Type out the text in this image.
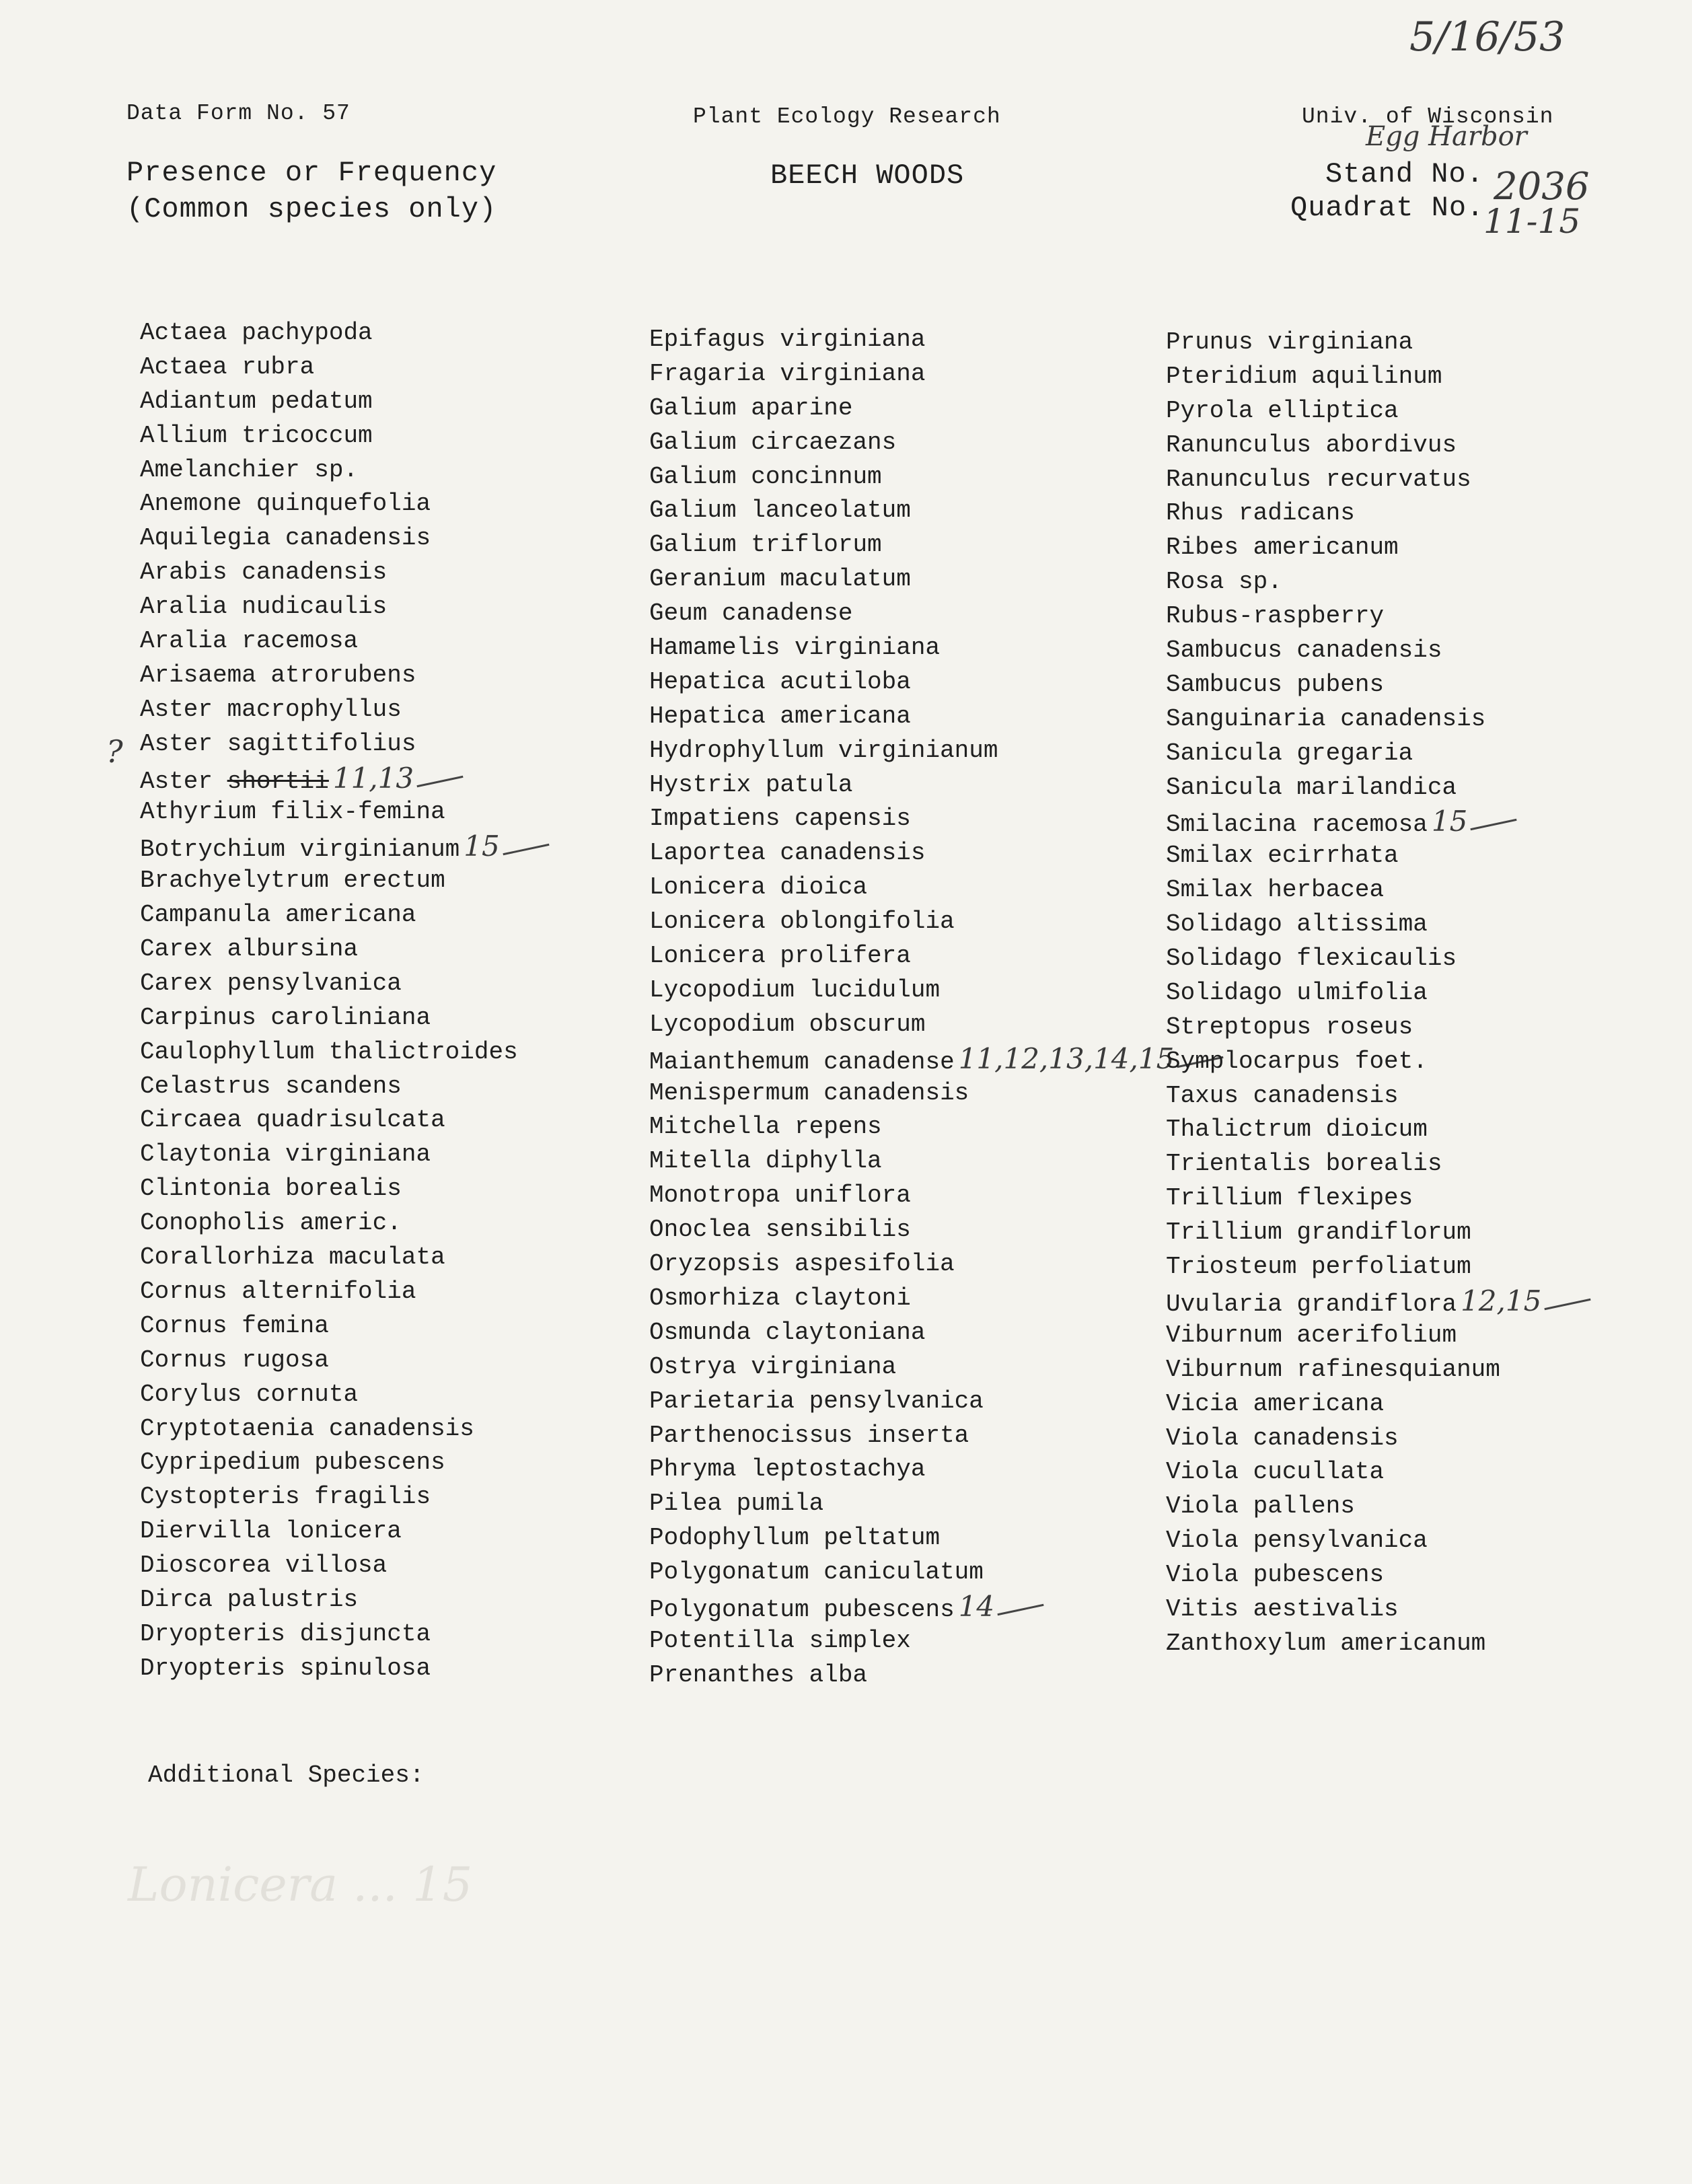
Data Form No. 57	Plant Ecology Research	Univ. of Wisconsin
Presence or Frequency
(Common species only)
BEECH WOODS	Stand No.
Quadrat No.
5/16/53
Egg Harbor
2036
11-15
?
Actaea pachypoda
Actaea rubra
Adiantum pedatum
Allium tricoccum
Amelanchier sp.
Anemone quinquefolia
Aquilegia canadensis
Arabis canadensis
Aralia nudicaulis
Aralia racemosa
Arisaema atrorubens
Aster macrophyllus
Aster sagittifolius
Aster shortii 11,13
Athyrium filix-femina
Botrychium virginianum 15
Brachyelytrum erectum
Campanula americana
Carex albursina
Carex pensylvanica
Carpinus caroliniana
Caulophyllum thalictroides
Celastrus scandens
Circaea quadrisulcata
Claytonia virginiana
Clintonia borealis
Conopholis americ.
Corallorhiza maculata
Cornus alternifolia
Cornus femina
Cornus rugosa
Corylus cornuta
Cryptotaenia canadensis
Cypripedium pubescens
Cystopteris fragilis
Diervilla lonicera
Dioscorea villosa
Dirca palustris
Dryopteris disjuncta
Dryopteris spinulosa
Epifagus virginiana
Fragaria virginiana
Galium aparine
Galium circaezans
Galium concinnum
Galium lanceolatum
Galium triflorum
Geranium maculatum
Geum canadense
Hamamelis virginiana
Hepatica acutiloba
Hepatica americana
Hydrophyllum virginianum
Hystrix patula
Impatiens capensis
Laportea canadensis
Lonicera dioica
Lonicera oblongifolia
Lonicera prolifera
Lycopodium lucidulum
Lycopodium obscurum
Maianthemum canadense 11,12,13,14,15
Menispermum canadensis
Mitchella repens
Mitella diphylla
Monotropa uniflora
Onoclea sensibilis
Oryzopsis aspesifolia
Osmorhiza claytoni
Osmunda claytoniana
Ostrya virginiana
Parietaria pensylvanica
Parthenocissus inserta
Phryma leptostachya
Pilea pumila
Podophyllum peltatum
Polygonatum caniculatum
Polygonatum pubescens 14
Potentilla simplex
Prenanthes alba
Prunus virginiana
Pteridium aquilinum
Pyrola elliptica
Ranunculus abordivus
Ranunculus recurvatus
Rhus radicans
Ribes americanum
Rosa sp.
Rubus-raspberry
Sambucus canadensis
Sambucus pubens
Sanguinaria canadensis
Sanicula gregaria
Sanicula marilandica
Smilacina racemosa 15
Smilax ecirrhata
Smilax herbacea
Solidago altissima
Solidago flexicaulis
Solidago ulmifolia
Streptopus roseus
Symplocarpus foet.
Taxus canadensis
Thalictrum dioicum
Trientalis borealis
Trillium flexipes
Trillium grandiflorum
Triosteum perfoliatum
Uvularia grandiflora 12,15
Viburnum acerifolium
Viburnum rafinesquianum
Vicia americana
Viola canadensis
Viola cucullata
Viola pallens
Viola pensylvanica
Viola pubescens
Vitis aestivalis
Zanthoxylum americanum
Additional Species:
Lonicera ... 15
